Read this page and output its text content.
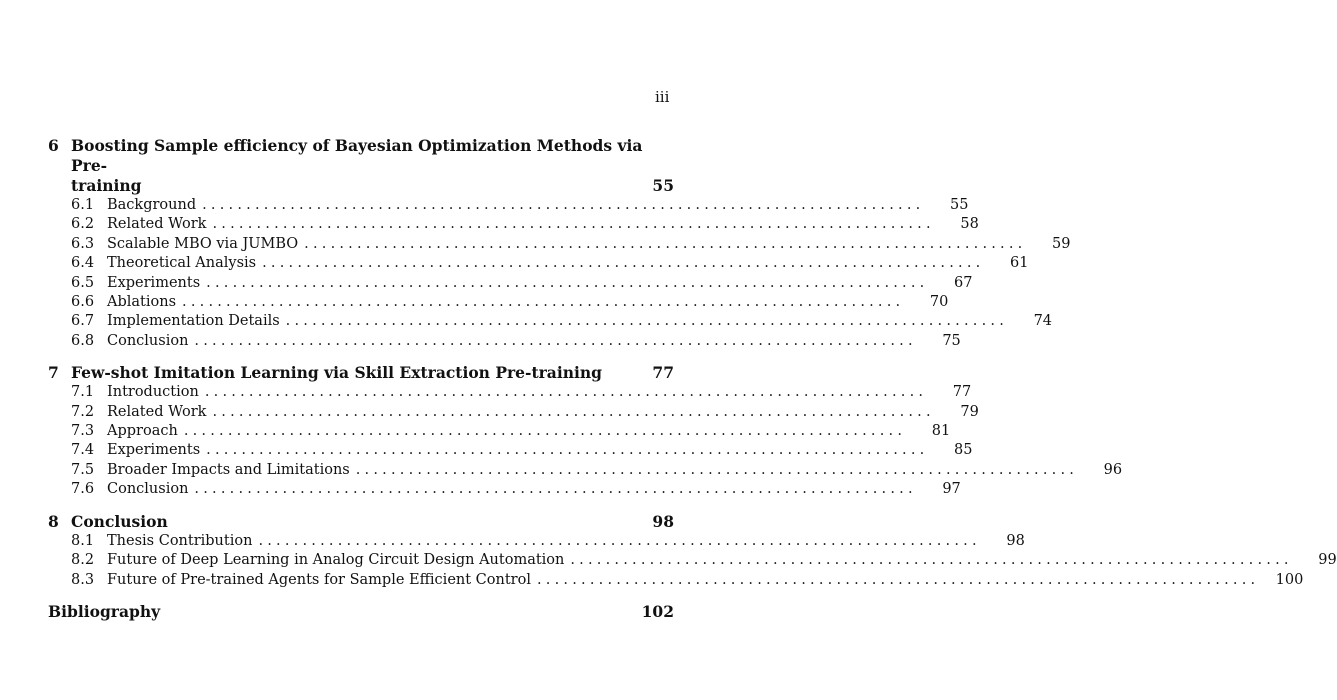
iii
6 Boosting Sample efficiency of Bayesian Optimization Methods via Pre-
training	55
6.1 Background ..................................................................................	55
6.2 Related Work ..................................................................................	58
6.3 Scalable MBO via JUMBO ..................................................................................	59
6.4 Theoretical Analysis ..................................................................................	61
6.5 Experiments ..................................................................................	67
6.6 Ablations ..................................................................................	70
6.7 Implementation Details ..................................................................................	74
6.8 Conclusion ..................................................................................	75
7 Few-shot Imitation Learning via Skill Extraction Pre-training	77
7.1 Introduction ..................................................................................	77
7.2 Related Work ..................................................................................	79
7.3 Approach ..................................................................................	81
7.4 Experiments ..................................................................................	85
7.5 Broader Impacts and Limitations ..................................................................................	96
7.6 Conclusion ..................................................................................	97
8 Conclusion	98
8.1 Thesis Contribution ..................................................................................	98
8.2 Future of Deep Learning in Analog Circuit Design Automation ..................................................................................	99
8.3 Future of Pre-trained Agents for Sample Efficient Control ..................................................................................	100
Bibliography	102
